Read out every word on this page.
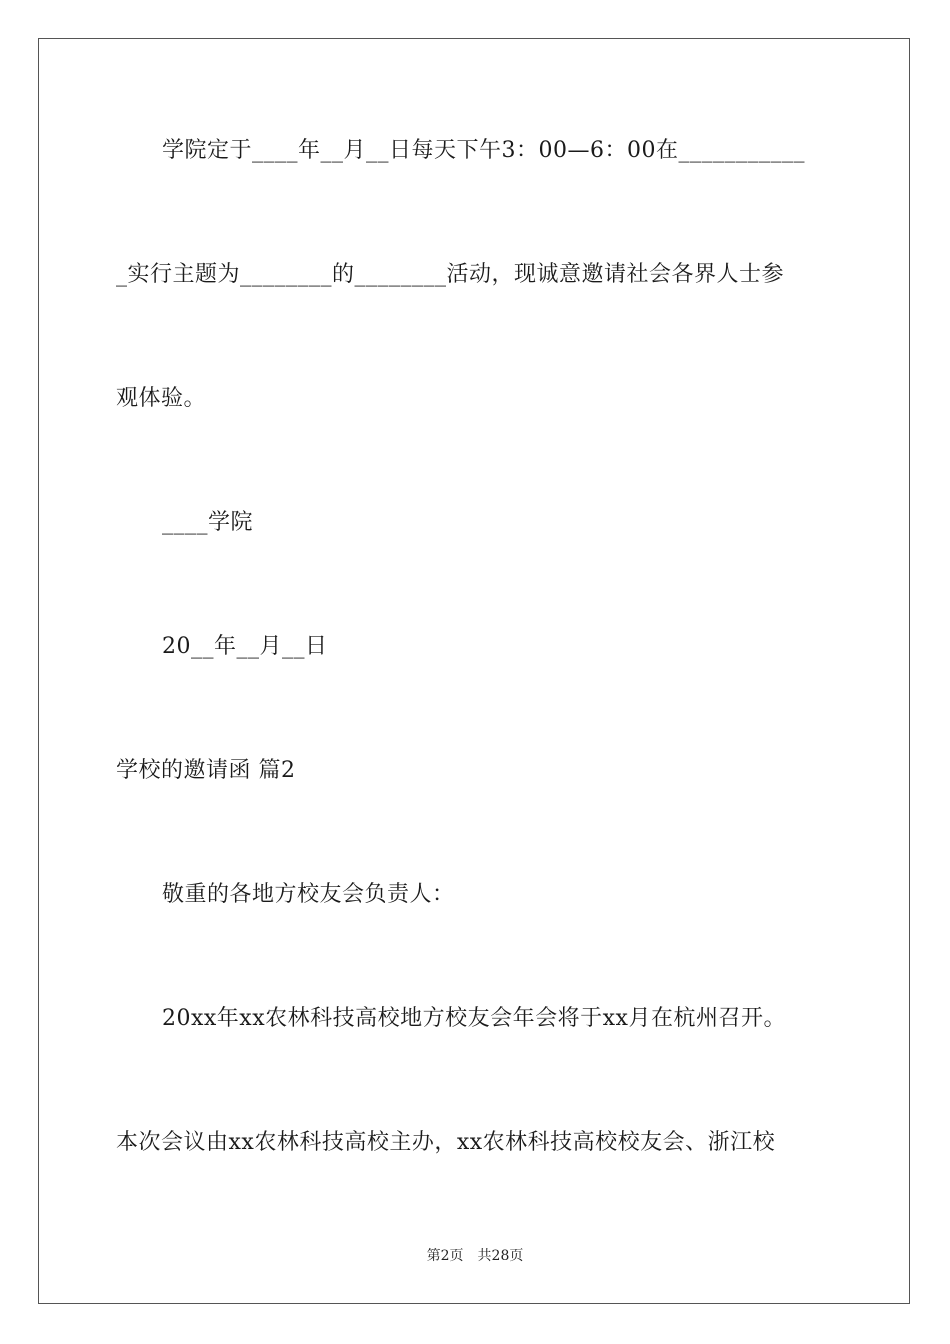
学院定于____年__月__日每天下午3：00—6：00在___________
_实行主题为________的________活动，现诚意邀请社会各界人士参
观体验。
____学院
20__年__月__日
学校的邀请函 篇2
敬重的各地方校友会负责人：
20xx年xx农林科技高校地方校友会年会将于xx月在杭州召开。
本次会议由xx农林科技高校主办，xx农林科技高校校友会、浙江校
第2页 共28页
